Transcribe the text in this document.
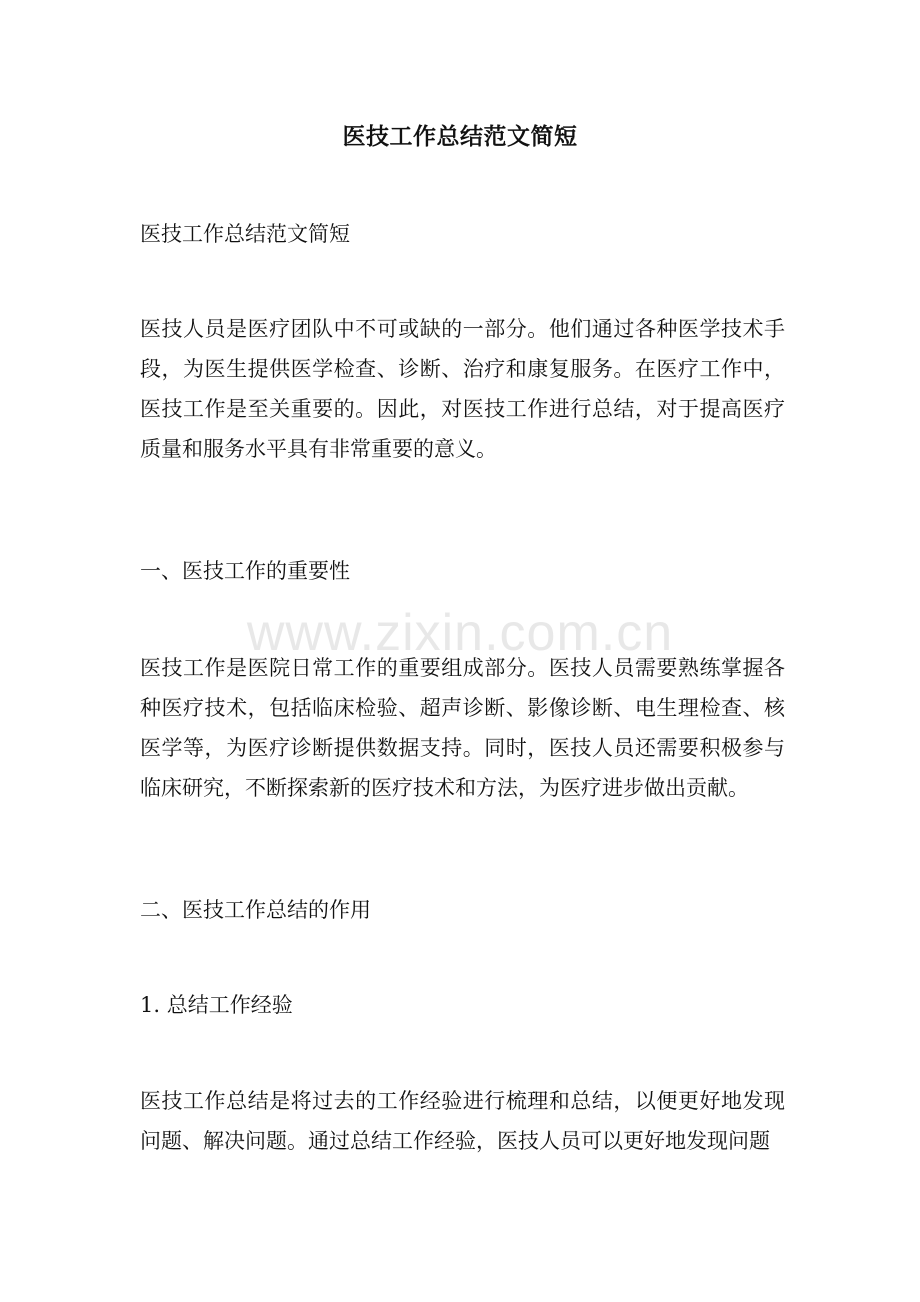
医技工作总结范文简短
医技工作总结范文简短
医技人员是医疗团队中不可或缺的一部分。他们通过各种医学技术手段，为医生提供医学检查、诊断、治疗和康复服务。在医疗工作中，医技工作是至关重要的。因此，对医技工作进行总结，对于提高医疗质量和服务水平具有非常重要的意义。
一、医技工作的重要性
www.zixin.com.cn
医技工作是医院日常工作的重要组成部分。医技人员需要熟练掌握各种医疗技术，包括临床检验、超声诊断、影像诊断、电生理检查、核医学等，为医疗诊断提供数据支持。同时，医技人员还需要积极参与临床研究，不断探索新的医疗技术和方法，为医疗进步做出贡献。
二、医技工作总结的作用
1. 总结工作经验
医技工作总结是将过去的工作经验进行梳理和总结，以便更好地发现问题、解决问题。通过总结工作经验，医技人员可以更好地发现问题
